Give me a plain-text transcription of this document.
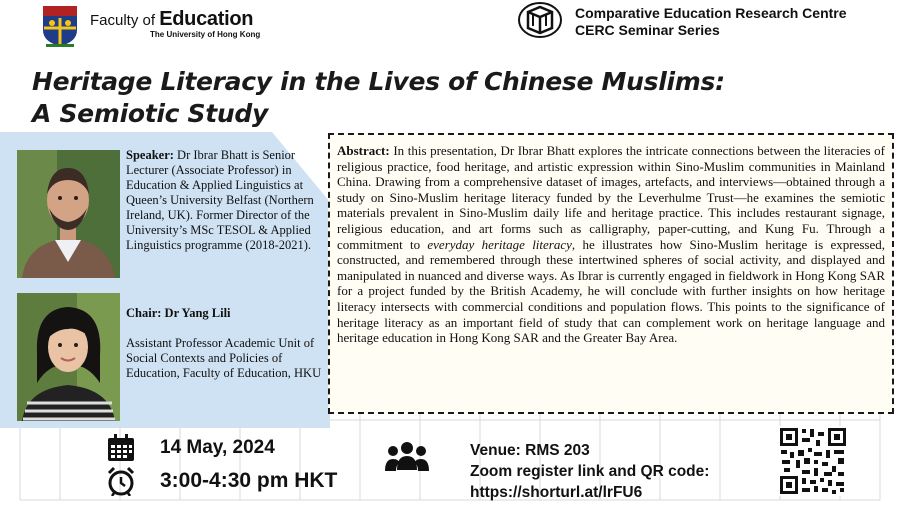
Faculty of Education
The University of Hong Kong
Comparative Education Research Centre
CERC Seminar Series
Heritage Literacy in the Lives of Chinese Muslims:
A Semiotic Study
Speaker: Dr Ibrar Bhatt is Senior Lecturer (Associate Professor) in Education & Applied Linguistics at Queen’s University Belfast (Northern Ireland, UK). Former Director of the University’s MSc TESOL & Applied Linguistics programme (2018-2021).
Chair: Dr Yang Lili
Assistant Professor Academic Unit of Social Contexts and Policies of Education, Faculty of Education, HKU
Abstract: In this presentation, Dr Ibrar Bhatt explores the intricate connections between the literacies of religious practice, food heritage, and artistic expression within Sino-Muslim communities in Mainland China. Drawing from a comprehensive dataset of images, artefacts, and interviews—obtained through a study on Sino-Muslim heritage literacy funded by the Leverhulme Trust—he examines the semiotic materials prevalent in Sino-Muslim daily life and heritage practice. This includes restaurant signage, religious education, and art forms such as calligraphy, paper-cutting, and Kung Fu. Through a commitment to everyday heritage literacy, he illustrates how Sino-Muslim heritage is expressed, constructed, and remembered through these intertwined spheres of social activity, and displayed and manipulated in nuanced and diverse ways. As Ibrar is currently engaged in fieldwork in Hong Kong SAR for a project funded by the British Academy, he will conclude with further insights on how heritage literacy intersects with commercial conditions and population flows. This points to the significance of heritage literacy as an important field of study that can complement work on heritage language and heritage education in Hong Kong SAR and the Greater Bay Area.
14 May, 2024
3:00-4:30 pm HKT
Venue: RMS 203
Zoom register link and QR code:
https://shorturl.at/lrFU6
